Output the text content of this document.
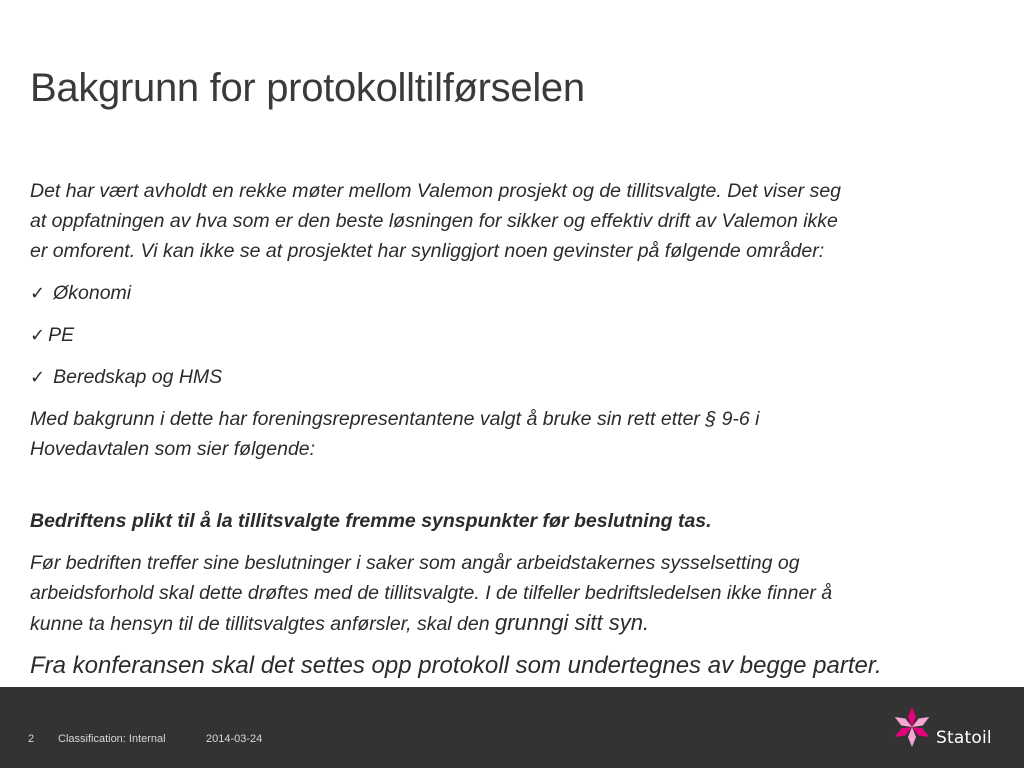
Bakgrunn for protokolltilførselen

Det har vært avholdt en rekke møter mellom Valemon prosjekt og de tillitsvalgte. Det viser seg
at oppfatningen av hva som er den beste løsningen for sikker og effektiv drift av Valemon ikke
er omforent. Vi kan ikke se at prosjektet har synliggjort noen gevinster på følgende områder:

✓ Økonomi
✓ PE
✓ Beredskap og HMS

Med bakgrunn i dette har foreningsrepresentantene valgt å bruke sin rett etter § 9-6 i
Hovedavtalen som sier følgende:

Bedriftens plikt til å la tillitsvalgte fremme synspunkter før beslutning tas.

Før bedriften treffer sine beslutninger i saker som angår arbeidstakernes sysselsetting og
arbeidsforhold skal dette drøftes med de tillitsvalgte. I de tilfeller bedriftsledelsen ikke finner å
kunne ta hensyn til de tillitsvalgtes anførsler, skal den grunngi sitt syn.

Fra konferansen skal det settes opp protokoll som undertegnes av begge parter.

2 Classification: Internal	2014-03-24	Statoil
